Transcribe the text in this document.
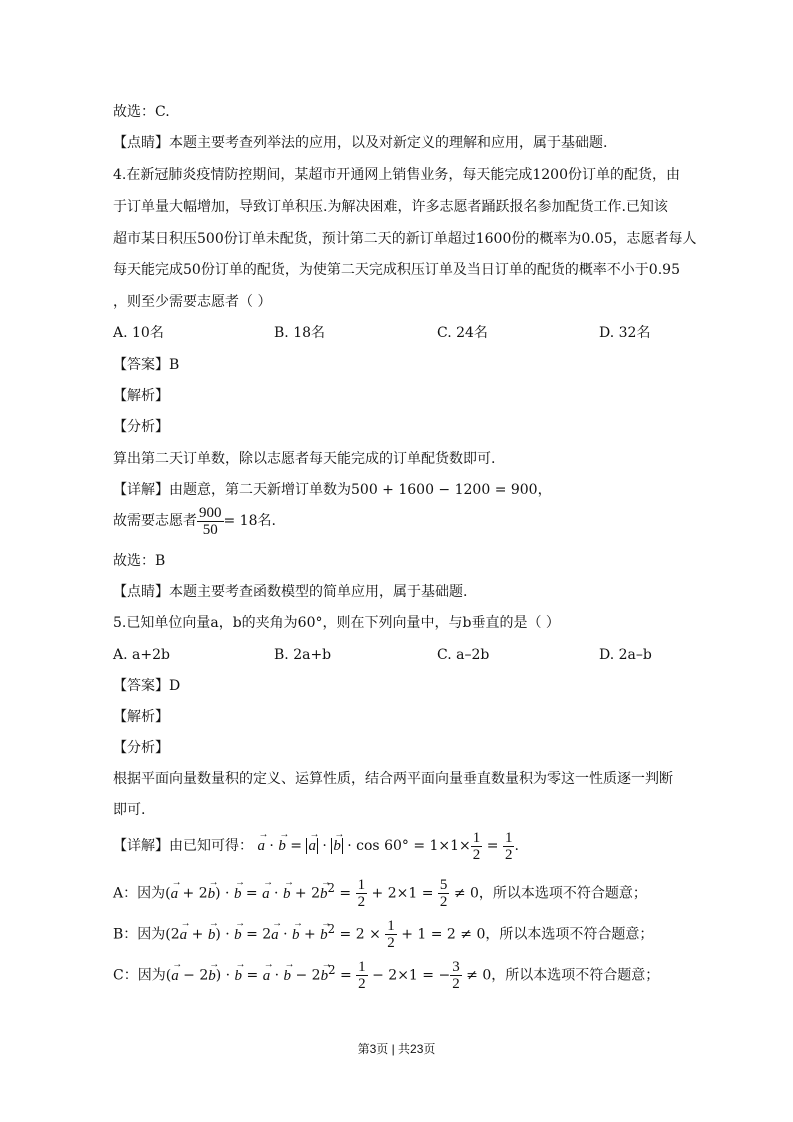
故选：C.
【点睛】本题主要考查列举法的应用，以及对新定义的理解和应用，属于基础题.
4.在新冠肺炎疫情防控期间，某超市开通网上销售业务，每天能完成1200份订单的配货，由
于订单量大幅增加，导致订单积压.为解决困难，许多志愿者踊跃报名参加配货工作.已知该
超市某日积压500份订单未配货，预计第二天的新订单超过1600份的概率为0.05，志愿者每人
每天能完成50份订单的配货，为使第二天完成积压订单及当日订单的配货的概率不小于0.95
，则至少需要志愿者（ ）
A. 10名	B. 18名	C. 24名	D. 32名
【答案】B
【解析】
【分析】
算出第二天订单数，除以志愿者每天能完成的订单配货数即可.
【详解】由题意，第二天新增订单数为500 + 1600 − 1200 = 900，
故需要志愿者 $\frac{900}{50} = 18$名.
故选：B
【点睛】本题主要考查函数模型的简单应用，属于基础题.
5.已知单位向量a，b的夹角为60°，则在下列向量中，与b垂直的是（ ）
A. a+2b	B. 2a+b	C. a–2b	D. 2a–b
【答案】D
【解析】
【分析】
根据平面向量数量积的定义、运算性质，结合两平面向量垂直数量积为零这一性质逐一判断
即可.
【详解】由已知可得： → a · → b = → a · → $b \cdot \cos 60^\circ = 1\times 1\times \frac{1}{2} = \frac{1}{2}$ .
A：因为(→ a + 2→ b) · → b = → a · → $b + 2\to b^2 = \frac{1}{2} + 2\times 1 = \frac{5}{2} \ne 0$，所以本选项不符合题意；
B：因为(2→ a + → b) · → b = 2→ a · → b + → $b^2 = 2 \times \frac{1}{2} + 1 = 2 \ne 0$，所以本选项不符合题意；
C：因为(→ a − 2→ b) · → b = → a · → $b - 2\to b^2 = \frac{1}{2} - 2\times 1$ = − $\frac{3}{2} \ne 0$，所以本选项不符合题意；
第3页 | 共23页
